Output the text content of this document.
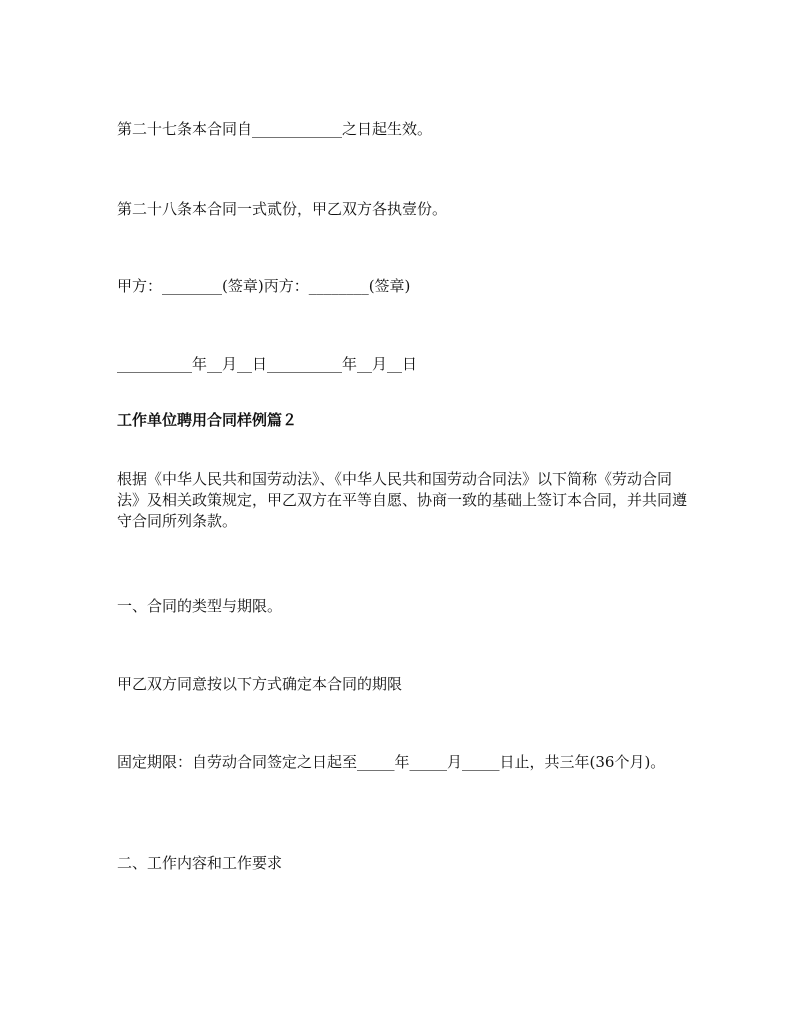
第二十七条本合同自____________之日起生效。

第二十八条本合同一式贰份，甲乙双方各执壹份。

甲方：________(签章)丙方：________(签章)

__________年__月__日__________年__月__日

工作单位聘用合同样例篇２

根据《中华人民共和国劳动法》、《中华人民共和国劳动合同法》以下简称《劳动合同法》及相关政策规定，甲乙双方在平等自愿、协商一致的基础上签订本合同，并共同遵守合同所列条款。

一、合同的类型与期限。

甲乙双方同意按以下方式确定本合同的期限

固定期限：自劳动合同签定之日起至_____年_____月_____日止，共三年(36个月)。

二、工作内容和工作要求
